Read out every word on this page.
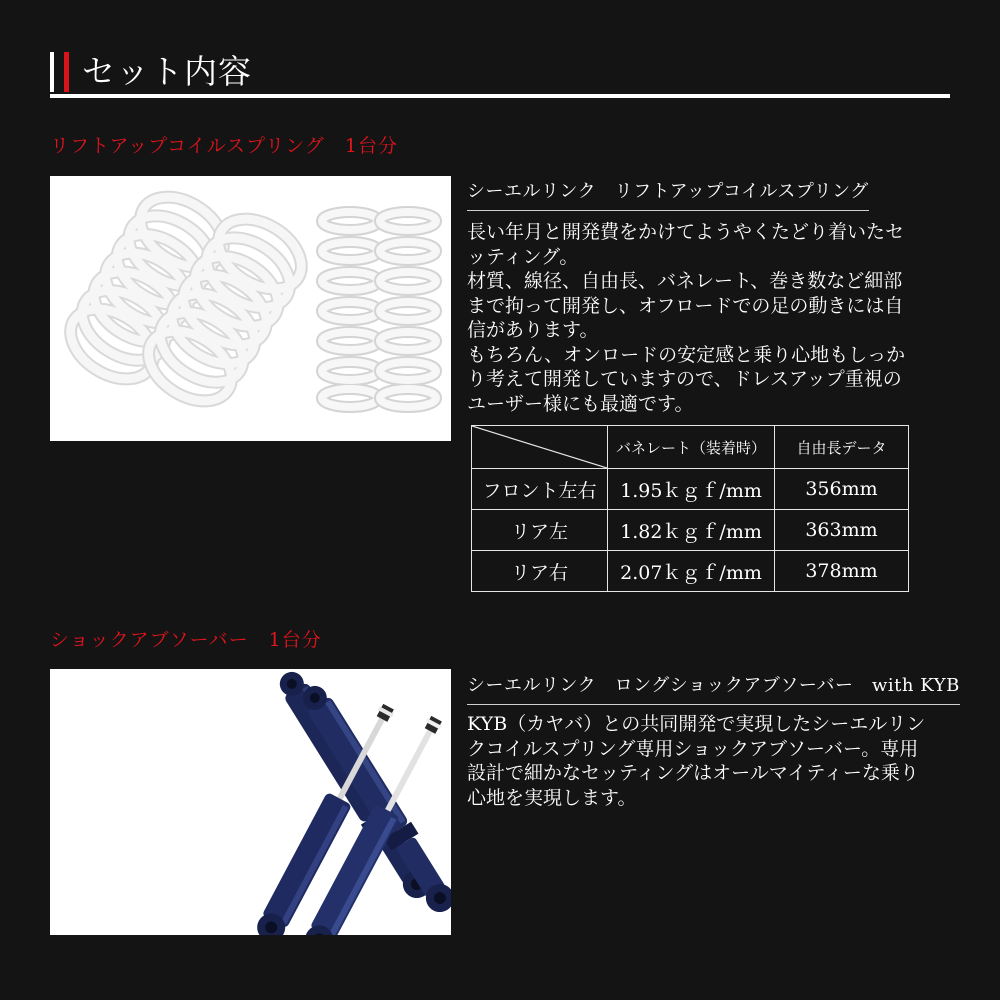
セット内容
リフトアップコイルスプリング　1台分
シーエルリンク　リフトアップコイルスプリング

長い年月と開発費をかけてようやくたどり着いたセッティング。

材質、線径、自由長、バネレート、巻き数など細部まで拘って開発し、オフロードでの足の動きには自信があります。

もちろん、オンロードの安定感と乗り心地もしっかり考えて開発していますので、ドレスアップ重視のユーザー様にも最適です。

	バネレート（装着時）	自由長データ
フロント左右	1.95ｋｇｆ/mm	356mm
リア左	1.82ｋｇｆ/mm	363mm
リア右	2.07ｋｇｆ/mm	378mm
ショックアブソーバー　1台分
シーエルリンク　ロングショックアブソーバー　with KYB

KYB（カヤバ）との共同開発で実現したシーエルリンクコイルスプリング専用ショックアブソーバー。専用設計で細かなセッティングはオールマイティーな乗り心地を実現します。
